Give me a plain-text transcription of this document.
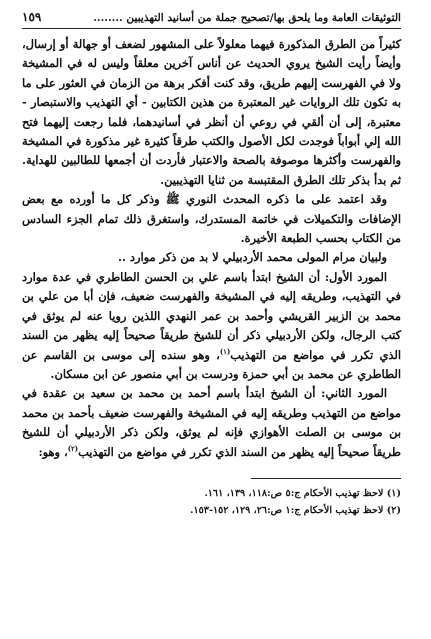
التوثيقات العامة وما يلحق بها/تصحيح جملة من أسانيد التهذيبين ........
١٥٩

كثيراً من الطرق المذكورة فيهما معلولاً على المشهور لضعف أو جهالة أو إرسال، وأيضاً رأيت الشيخ يروي الحديث عن أناس آخرين معلقاً وليس له في المشيخة ولا في الفهرست إليهم طريق، وقد كنت أفكر برهة من الزمان في العثور على ما به تكون تلك الروايات غير المعتبرة من هذين الكتابين - أي التهذيب والاستبصار - معتبرة، إلى أن ألقي في روعي أن أنظر في أسانيدهما، فلما رجعت إليهما فتح الله إلي أبواباً فوجدت لكل الأصول والكتب طرقاً كثيرة غير مذكورة في المشيخة والفهرست وأكثرها موصوفة بالصحة والاعتبار فأردت أن أجمعها للطالبين للهداية. ثم بدأ بذكر تلك الطرق المقتبسة من ثنايا التهذيبين.

وقد اعتمد على ما ذكره المحدث النوري ﷺ وذكر كل ما أورده مع بعض الإضافات والتكميلات في خاتمة المستدرك، واستغرق ذلك تمام الجزء السادس من الكتاب بحسب الطبعة الأخيرة.

ولبيان مرام المولى محمد الأردبيلي لا بد من ذكر موارد ..

المورد الأول: أن الشيخ ابتدأ باسم علي بن الحسن الطاطري في عدة موارد في التهذيب، وطريقه إليه في المشيخة والفهرست ضعيف، فإن أبا من علي بن محمد بن الزبير القريشي وأحمد بن عمر النهدي اللذين رويا عنه لم يوثق في كتب الرجال، ولكن الأردبيلي ذكر أن للشيخ طريقاً صحيحاً إليه يظهر من السند الذي تكرر في مواضع من التهذيب$^{(١)}$، وهو سنده إلى موسى بن القاسم عن الطاطري عن محمد بن أبي حمزة ودرست بن أبي منصور عن ابن مسكان.

المورد الثاني: أن الشيخ ابتدأ باسم أحمد بن محمد بن سعيد بن عقدة في مواضع من التهذيب وطريقه إليه في المشيخة والفهرست ضعيف بأحمد بن محمد بن موسى بن الصلت الأهوازي فإنه لم يوثق، ولكن ذكر الأردبيلي أن للشيخ طريقاً صحيحاً إليه يظهر من السند الذي تكرر في مواضع من التهذيب$^{(٢)}$، وهو:

(١) لاحظ تهذيب الأحكام ج:٥ ص:١١٨، ١٣٩، ١٦١.

(٢) لاحظ تهذيب الأحكام ج:١ ص:٢٦، ١٢٩، ١٥٢-١٥٣.
